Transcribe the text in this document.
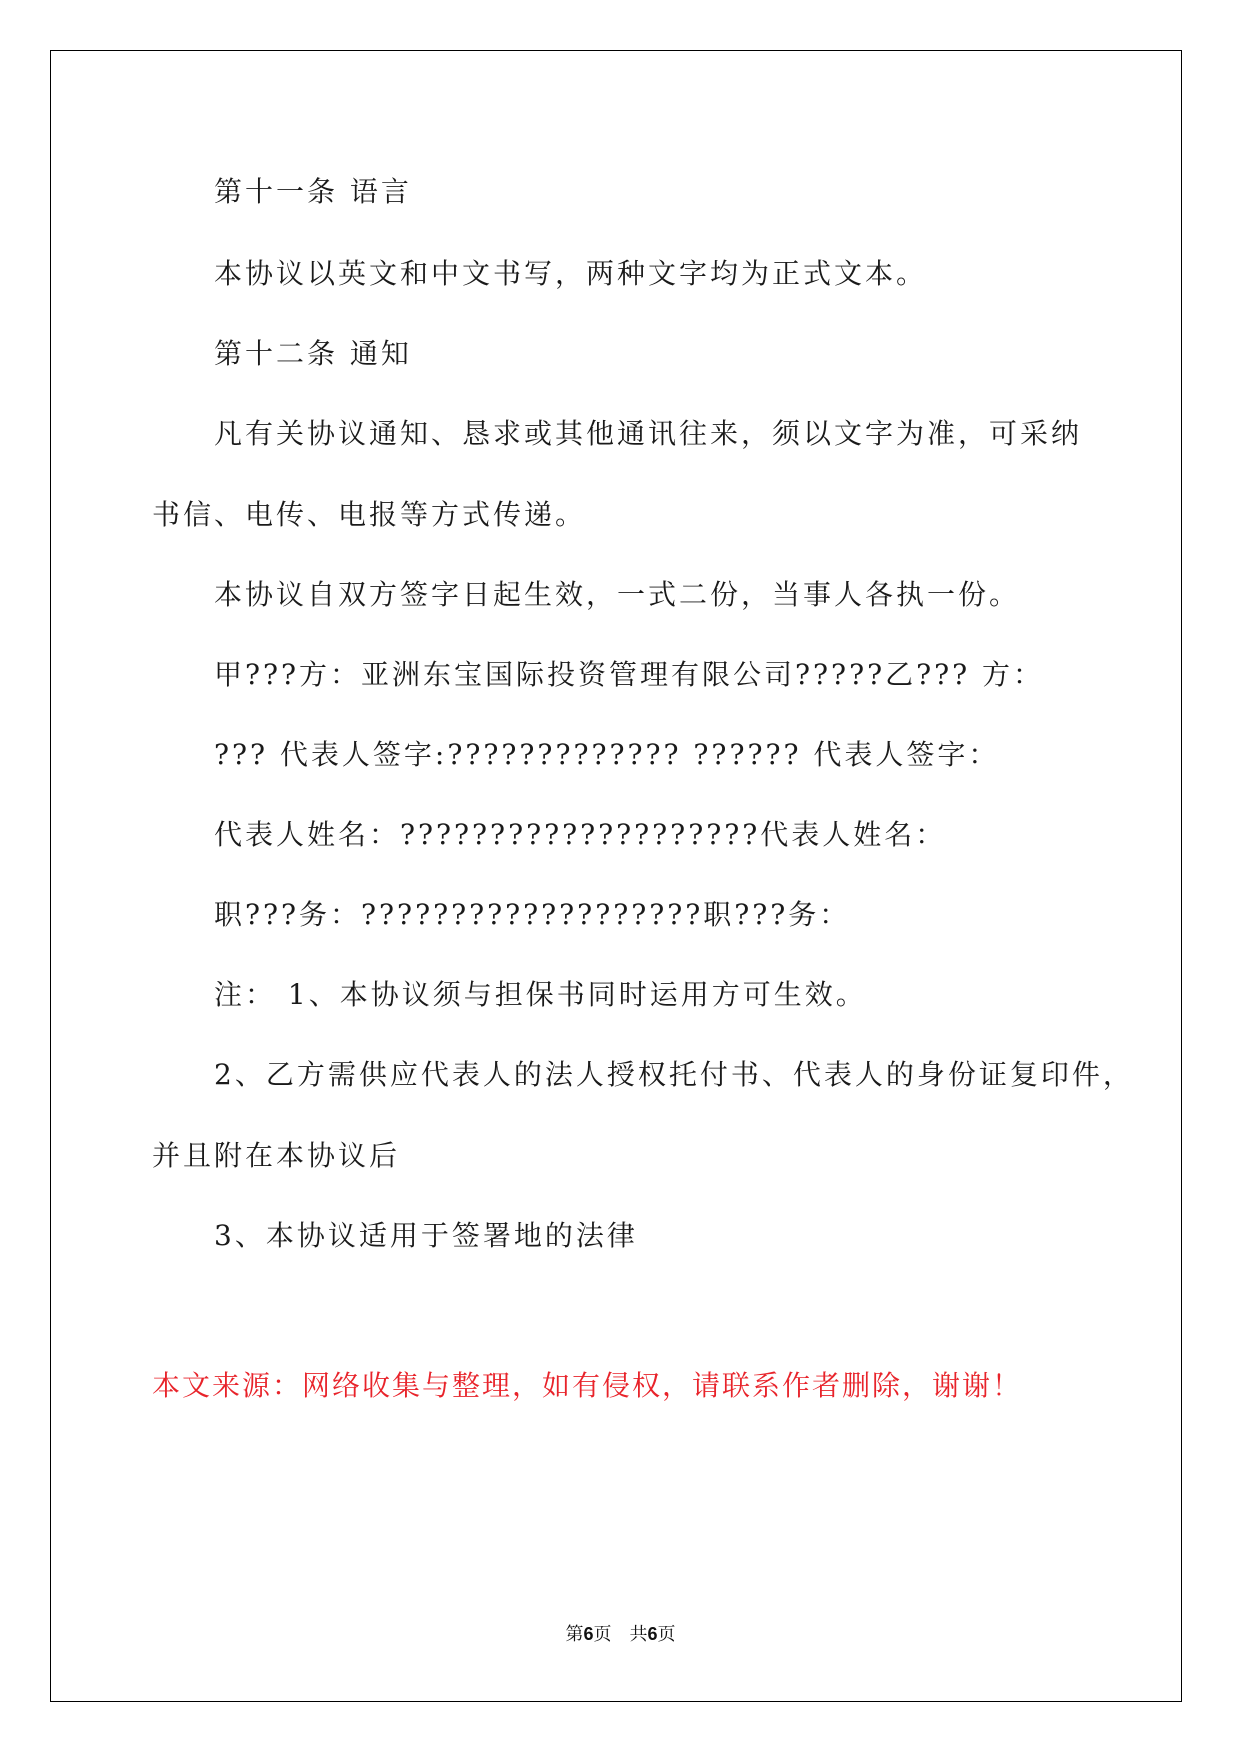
第十一条 语言
本协议以英文和中文书写，两种文字均为正式文本。
第十二条 通知
凡有关协议通知、恳求或其他通讯往来，须以文字为准，可采纳
书信、电传、电报等方式传递。
本协议自双方签字日起生效，一式二份，当事人各执一份。
甲???方：亚洲东宝国际投资管理有限公司?????乙??? 方：
??? 代表人签字:????????????? ?????? 代表人签字：
代表人姓名：????????????????????代表人姓名：
职???务：???????????????????职???务：
注： 1、本协议须与担保书同时运用方可生效。
2、乙方需供应代表人的法人授权托付书、代表人的身份证复印件，
并且附在本协议后
3、本协议适用于签署地的法律
本文来源：网络收集与整理，如有侵权，请联系作者删除，谢谢！
第6页　共6页
